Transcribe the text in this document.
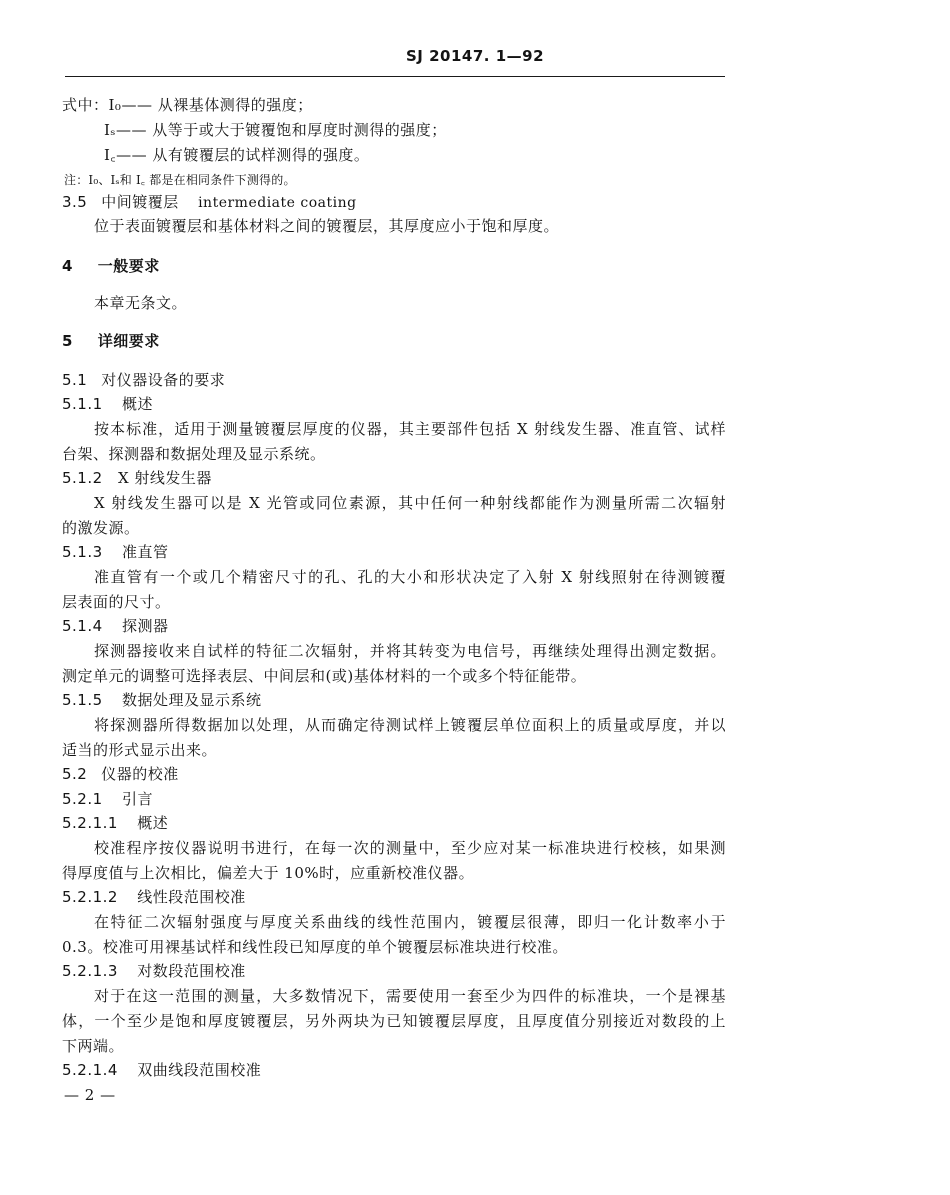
SJ 20147. 1—92
式中：I₀—— 从裸基体测得的强度；
Iₛ—— 从等于或大于镀覆饱和厚度时测得的强度；
I꜀—— 从有镀覆层的试样测得的强度。
注：I₀、Iₛ和 I꜀ 都是在相同条件下测得的。
3.5 中间镀覆层 intermediate coating
位于表面镀覆层和基体材料之间的镀覆层，其厚度应小于饱和厚度。
4 一般要求
本章无条文。
5 详细要求
5.1 对仪器设备的要求
5.1.1 概述
按本标准，适用于测量镀覆层厚度的仪器，其主要部件包括 X 射线发生器、准直管、试样
台架、探测器和数据处理及显示系统。
5.1.2 X 射线发生器
X 射线发生器可以是 X 光管或同位素源，其中任何一种射线都能作为测量所需二次辐射
的激发源。
5.1.3 准直管
准直管有一个或几个精密尺寸的孔、孔的大小和形状决定了入射 X 射线照射在待测镀覆
层表面的尺寸。
5.1.4 探测器
探测器接收来自试样的特征二次辐射，并将其转变为电信号，再继续处理得出测定数据。
测定单元的调整可选择表层、中间层和(或)基体材料的一个或多个特征能带。
5.1.5 数据处理及显示系统
将探测器所得数据加以处理，从而确定待测试样上镀覆层单位面积上的质量或厚度，并以
适当的形式显示出来。
5.2 仪器的校准
5.2.1 引言
5.2.1.1 概述
校准程序按仪器说明书进行，在每一次的测量中，至少应对某一标准块进行校核，如果测
得厚度值与上次相比，偏差大于 10%时，应重新校准仪器。
5.2.1.2 线性段范围校准
在特征二次辐射强度与厚度关系曲线的线性范围内，镀覆层很薄，即归一化计数率小于
0.3。校准可用裸基试样和线性段已知厚度的单个镀覆层标准块进行校准。
5.2.1.3 对数段范围校准
对于在这一范围的测量，大多数情况下，需要使用一套至少为四件的标准块，一个是裸基
体，一个至少是饱和厚度镀覆层，另外两块为已知镀覆层厚度，且厚度值分别接近对数段的上
下两端。
5.2.1.4 双曲线段范围校准
— 2 —
